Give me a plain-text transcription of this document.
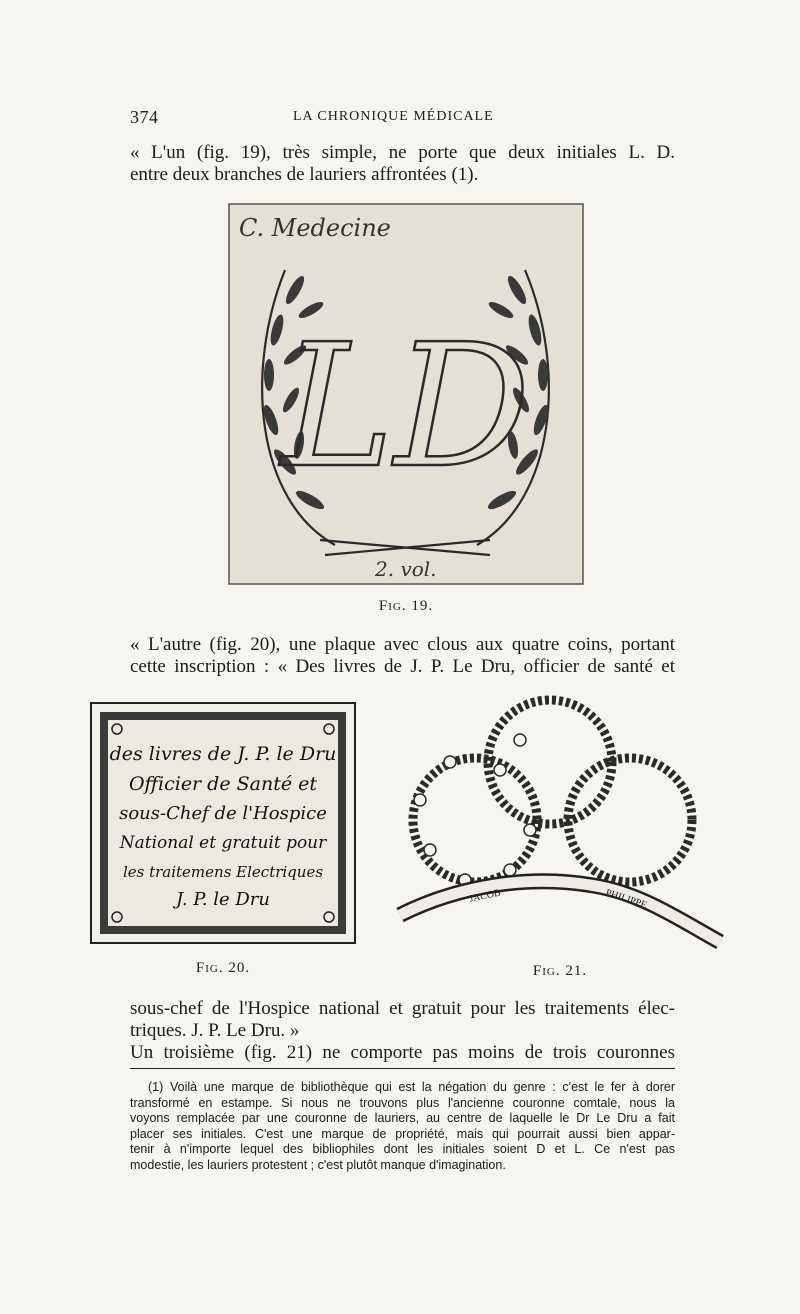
374	LA CHRONIQUE MÉDICALE
« L'un (fig. 19), très simple, ne porte que deux initiales L. D.
entre deux branches de lauriers affrontées (1).
C. Medecine
LD
2. vol.
Fig. 19.
« L'autre (fig. 20), une plaque avec clous aux quatre coins, portant
cette inscription : « Des livres de J. P. Le Dru, officier de santé et
des livres de J. P. le Dru
Officier de Santé et
sous-Chef de l'Hospice
National et gratuit pour
les traitemens Electriques
J. P. le Dru
Fig. 20.
JACOB	PHILIPPE
Fig. 21.
sous-chef de l'Hospice national et gratuit pour les traitements élec-
triques. J. P. Le Dru. »
Un troisième (fig. 21) ne comporte pas moins de trois couronnes
(1) Voilà une marque de bibliothèque qui est la négation du genre : c'est le fer à dorer
transformé en estampe. Si nous ne trouvons plus l'ancienne couronne comtale, nous la
voyons remplacée par une couronne de lauriers, au centre de laquelle le Dr Le Dru a fait
placer ses initiales. C'est une marque de propriété, mais qui pourrait aussi bien appar-
tenir à n'importe lequel des bibliophiles dont les initiales soient D et L. Ce n'est pas
modestie, les lauriers protestent ; c'est plutôt manque d'imagination.
